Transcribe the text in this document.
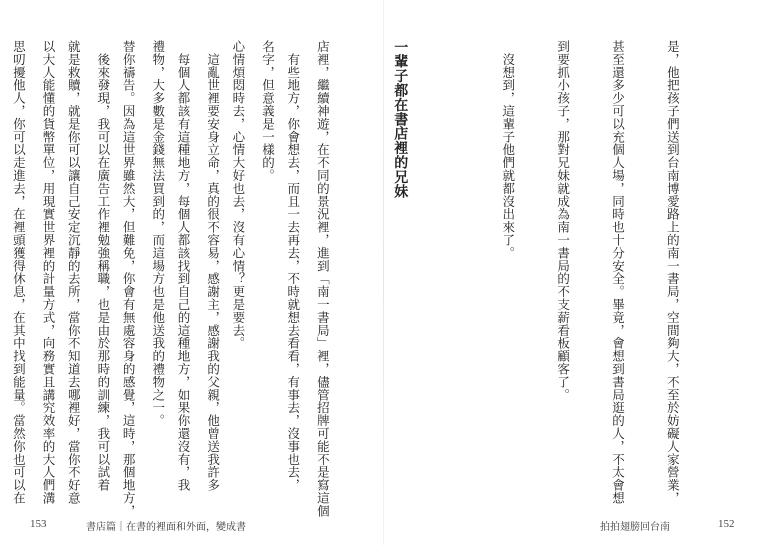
店裡，繼續神遊，在不同的景況裡，進到「南一書局」裡，儘管招牌可能不是寫這個

名字，但意義是一樣的。

　這亂世裡要安身立命，真的很不容易，感謝主，感謝我的父親，他曾送我許多

禮物，大多數是金錢無法買到的，而這場方也是他送我的禮物之一。

　後來發現，我可以在廣告工作裡勉強稱職，也是由於那時的訓練，我可以試着

以大人能懂的貨幣單位，用現實世界裡的計量方式，向務實且講究效率的大人們溝

153	書店篇｜在書的裡面和外面，變成書	拍拍翅膀回台南	152

是，他把孩子們送到台南博愛路上的南一書局，空間夠大，不至於妨礙人家營業，

甚至還多少可以充個人場，同時也十分安全。畢竟，會想到書局逛的人，不太會想

到要抓小孩子，那對兄妹就成為南一書局的不支薪看板顧客了。

　沒想到，這輩子他們就都沒出來了。

一輩子都在書店裡的兄妹

　有些地方，你會想去，而且一去再去，不時就想去看看，有事去，沒事也去，

心情煩悶時去，心情大好也去，沒有心情？更是要去。

　每個人都該有這種地方，每個人都該找到自己的這種地方，如果你還沒有，我

替你禱告。因為這世界雖然大，但難免，你會有無處容身的感覺，這時，那個地方，

就是救贖，就是你可以讓自己安定沉靜的去所，當你不知道去哪裡好，當你不好意

思叨擾他人，你可以走進去，在裡頭獲得休息，在其中找到能量。當然你也可以在
